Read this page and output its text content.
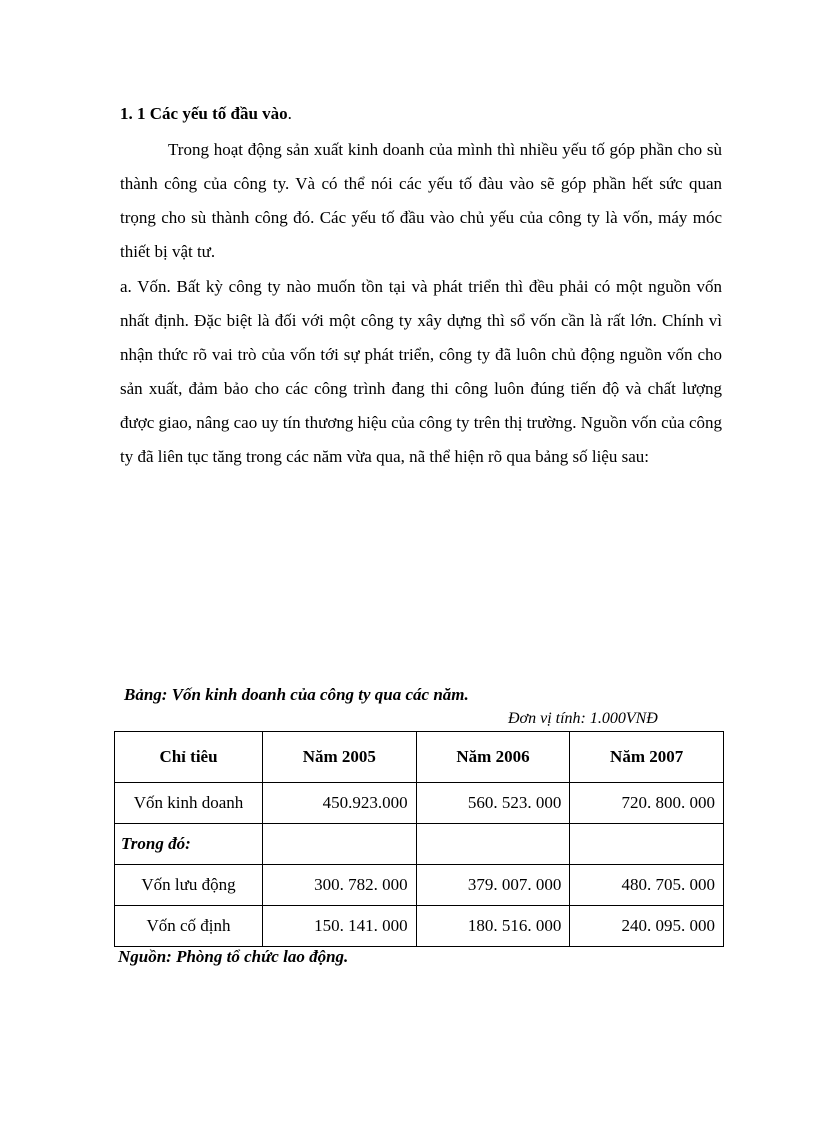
1. 1 Các yếu tố đầu vào.
Trong hoạt động sản xuất kinh doanh của mình thì nhiều yếu tố góp phần cho sù thành công của công ty. Và có thể nói các yếu tố đàu vào sẽ góp phần hết sức quan trọng cho sù thành công đó. Các yếu tố đầu vào chủ yếu của công ty là vốn, máy móc thiết bị vật tư.
a. Vốn. Bất kỳ công ty nào muốn tồn tại và phát triển thì đều phải có một nguồn vốn nhất định. Đặc biệt là đối với một công ty xây dựng thì sổ vốn cần là rất lớn. Chính vì nhận thức rõ vai trò của vốn tới sự phát triển, công ty đã luôn chủ động nguồn vốn cho sản xuất, đảm bảo cho các công trình đang thi công luôn đúng tiến độ và chất lượng được giao, nâng cao uy tín thương hiệu của công ty trên thị trường. Nguồn vốn của công ty đã liên tục tăng trong các năm vừa qua, nã thể hiện rõ qua bảng số liệu sau:
Bảng: Vốn kinh doanh của công ty qua các năm.
Đơn vị tính: 1.000VNĐ
Chỉ tiêu	Năm 2005	Năm 2006	Năm 2007
Vốn kinh doanh	450.923.000	560. 523. 000	720. 800. 000
Trong đó:			
Vốn lưu động	300. 782. 000	379. 007. 000	480. 705. 000
Vốn cố định	150. 141. 000	180. 516. 000	240. 095. 000
Nguồn: Phòng tổ chức lao động.
